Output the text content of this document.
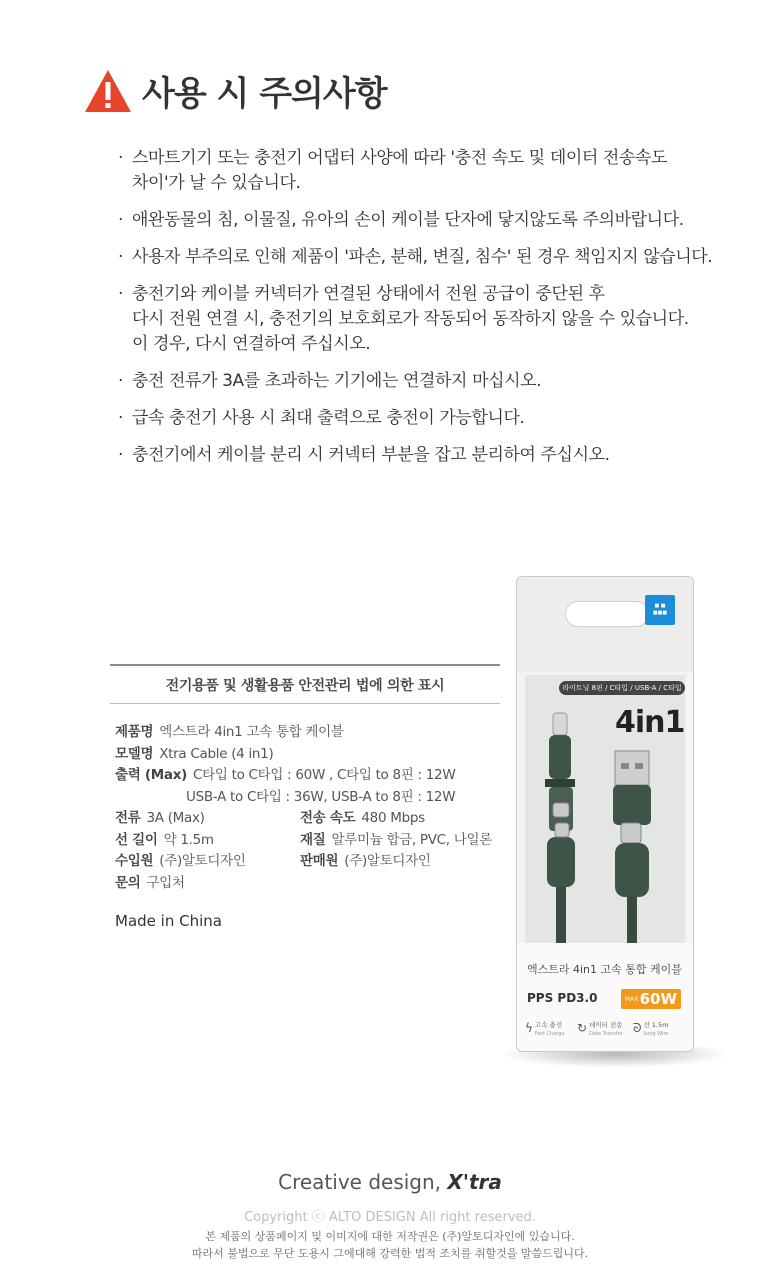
사용 시 주의사항
· 스마트기기 또는 충전기 어댑터 사양에 따라 '충전 속도 및 데이터 전송속도
차이'가 날 수 있습니다.
· 애완동물의 침, 이물질, 유아의 손이 케이블 단자에 닿지않도록 주의바랍니다.
· 사용자 부주의로 인해 제품이 '파손, 분해, 변질, 침수' 된 경우 책임지지 않습니다.
· 충전기와 케이블 커넥터가 연결된 상태에서 전원 공급이 중단된 후
다시 전원 연결 시, 충전기의 보호회로가 작동되어 동작하지 않을 수 있습니다.
이 경우, 다시 연결하여 주십시오.
· 충전 전류가 3A를 초과하는 기기에는 연결하지 마십시오.
· 급속 충전기 사용 시 최대 출력으로 충전이 가능합니다.
· 충전기에서 케이블 분리 시 커넥터 부분을 잡고 분리하여 주십시오.
전기용품 및 생활용품 안전관리 법에 의한 표시
제품명 엑스트라 4in1 고속 통합 케이블
모델명 Xtra Cable (4 in1)
출력 (Max) C타입 to C타입 : 60W , C타입 to 8핀 : 12W
USB-A to C타입 : 36W, USB-A to 8핀 : 12W
전류 3A (Max)	전송 속도 480 Mbps
선 길이 약 1.5m	재질 알루미늄 합금, PVC, 나일론
수입원 (주)알토디자인	판매원 (주)알토디자인
문의 구입처
Made in China
■ ■
■■■
라이트닝 8핀 / C타입 / USB-A / C타입
4in1
엑스트라 4in1 고속 통합 케이블
PPS PD3.0	MAX 60W
ϟ 고속 충전
Fast Charge ↻ 데이터 전송
Data Transfer ᘐ 선 1.5m
Long Wire
Creative design, X'tra
Copyright ⓒ ALTO DESIGN All right reserved.
본 제품의 상품페이지 및 이미지에 대한 저작권은 (주)알토디자인에 있습니다.
따라서 불법으로 무단 도용시 그에대해 강력한 법적 조치를 취할것을 말씀드립니다.
